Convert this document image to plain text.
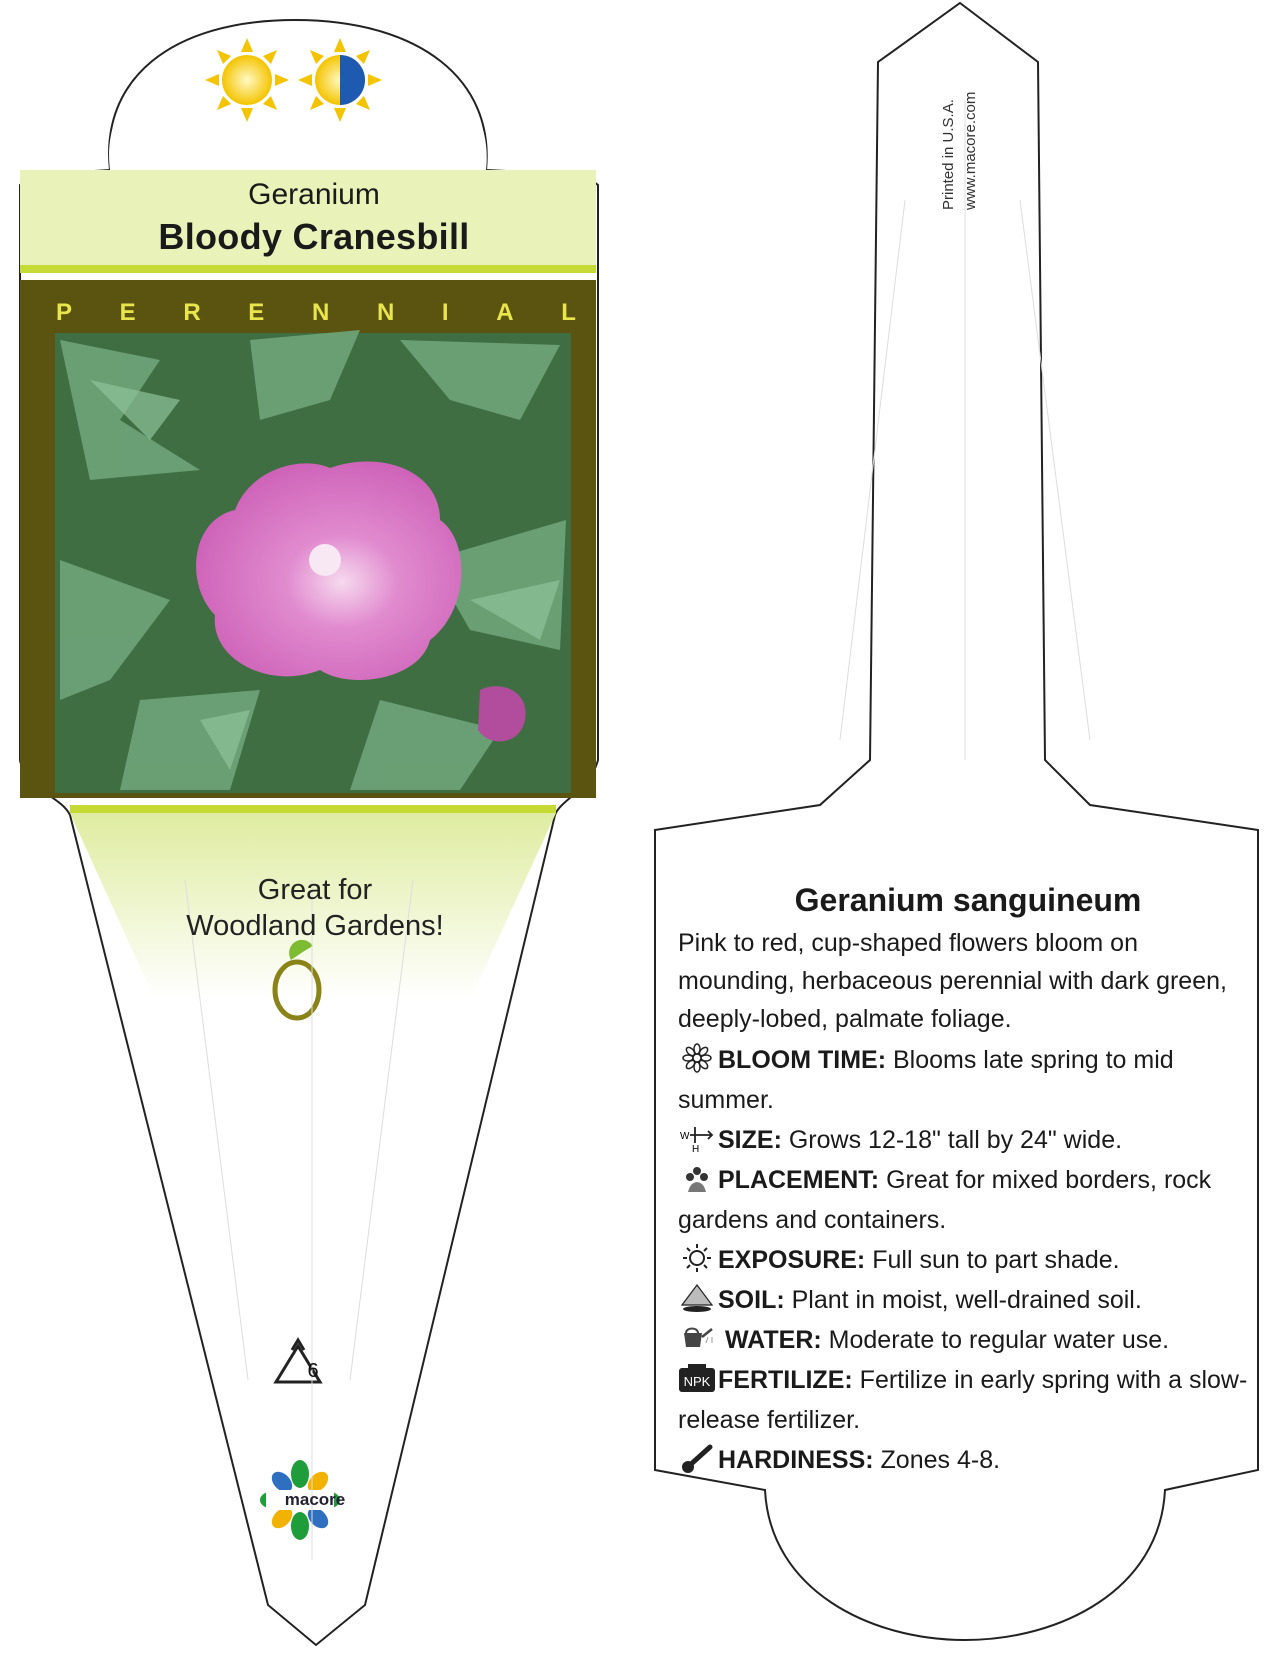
Geranium
Bloody Cranesbill
P E R E N N I A L
Great for
Woodland Gardens!
6
macore
Printed in U.S.A. www.macore.com
Geranium sanguineum

Pink to red, cup-shaped flowers bloom on mounding, herbaceous perennial with dark green, deeply-lobed, palmate foliage.

BLOOM TIME: Blooms late spring to mid summer.

W
H SIZE: Grows 12-18" tall by 24" wide.

PLACEMENT: Great for mixed borders, rock gardens and containers.

EXPOSURE: Full sun to part shade.

SOIL: Plant in moist, well-drained soil.

WATER: Moderate to regular water use.

NPK FERTILIZE: Fertilize in early spring with a slow-release fertilizer.

HARDINESS: Zones 4-8.
